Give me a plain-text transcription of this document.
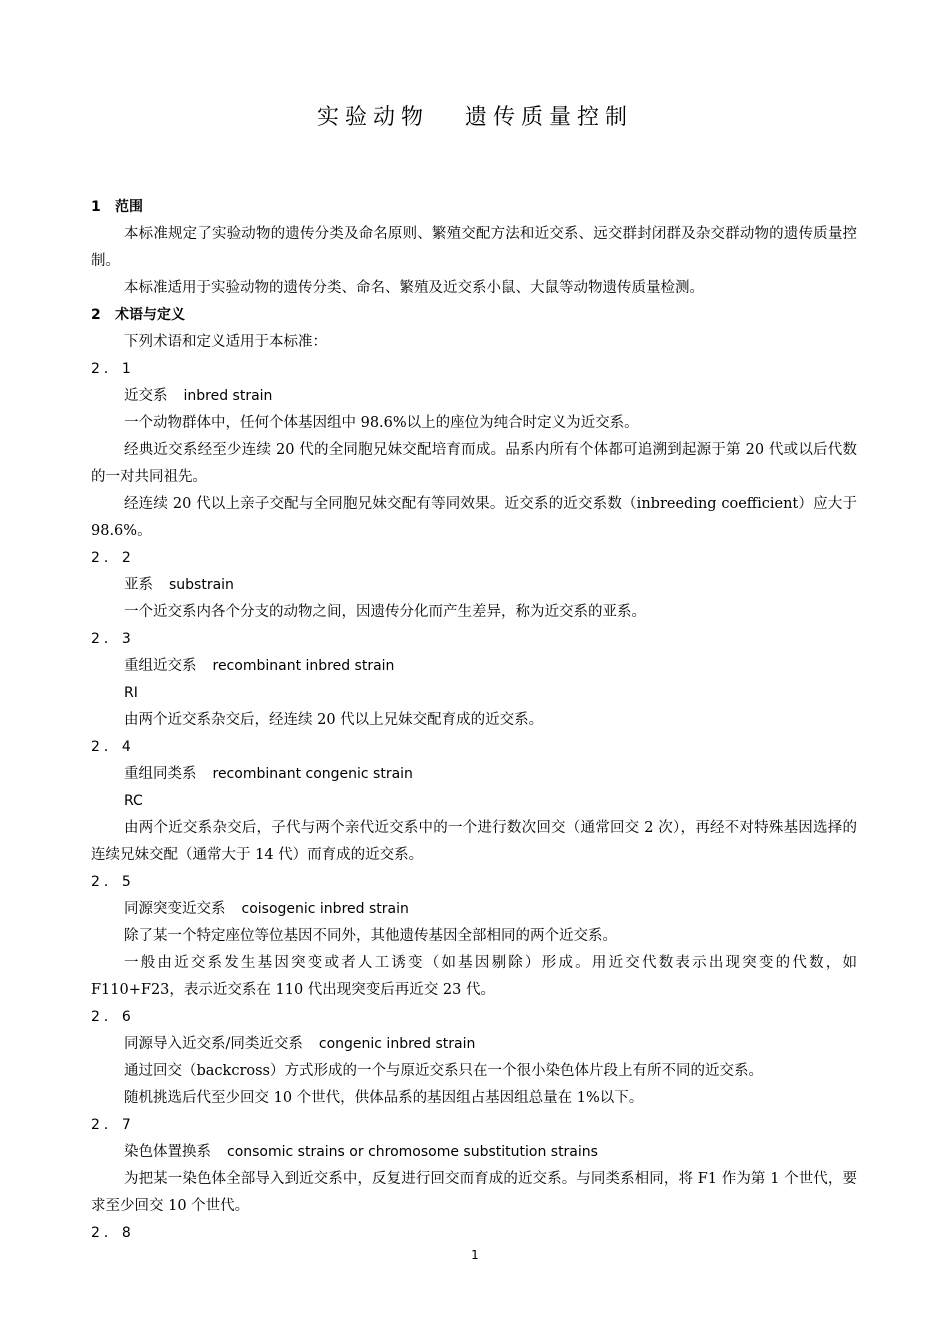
实验动物 遗传质量控制
1 范围
本标准规定了实验动物的遗传分类及命名原则、繁殖交配方法和近交系、远交群封闭群及杂交群动物的遗传质量控制。
本标准适用于实验动物的遗传分类、命名、繁殖及近交系小鼠、大鼠等动物遗传质量检测。
2 术语与定义
下列术语和定义适用于本标准：
2．1
近交系 inbred strain
一个动物群体中，任何个体基因组中 98.6%以上的座位为纯合时定义为近交系。
经典近交系经至少连续 20 代的全同胞兄妹交配培育而成。品系内所有个体都可追溯到起源于第 20 代或以后代数的一对共同祖先。
经连续 20 代以上亲子交配与全同胞兄妹交配有等同效果。近交系的近交系数（inbreeding coefficient）应大于 98.6%。
2．2
亚系 substrain
一个近交系内各个分支的动物之间，因遗传分化而产生差异，称为近交系的亚系。
2．3
重组近交系 recombinant inbred strain
RI
由两个近交系杂交后，经连续 20 代以上兄妹交配育成的近交系。
2．4
重组同类系 recombinant congenic strain
RC
由两个近交系杂交后，子代与两个亲代近交系中的一个进行数次回交（通常回交 2 次），再经不对特殊基因选择的连续兄妹交配（通常大于 14 代）而育成的近交系。
2．5
同源突变近交系 coisogenic inbred strain
除了某一个特定座位等位基因不同外，其他遗传基因全部相同的两个近交系。
一般由近交系发生基因突变或者人工诱变（如基因剔除）形成。用近交代数表示出现突变的代数，如 F110+F23，表示近交系在 110 代出现突变后再近交 23 代。
2．6
同源导入近交系/同类近交系 congenic inbred strain
通过回交（backcross）方式形成的一个与原近交系只在一个很小染色体片段上有所不同的近交系。
随机挑选后代至少回交 10 个世代，供体品系的基因组占基因组总量在 1%以下。
2．7
染色体置换系 consomic strains or chromosome substitution strains
为把某一染色体全部导入到近交系中，反复进行回交而育成的近交系。与同类系相同，将 F1 作为第 1 个世代，要求至少回交 10 个世代。
2．8
1
